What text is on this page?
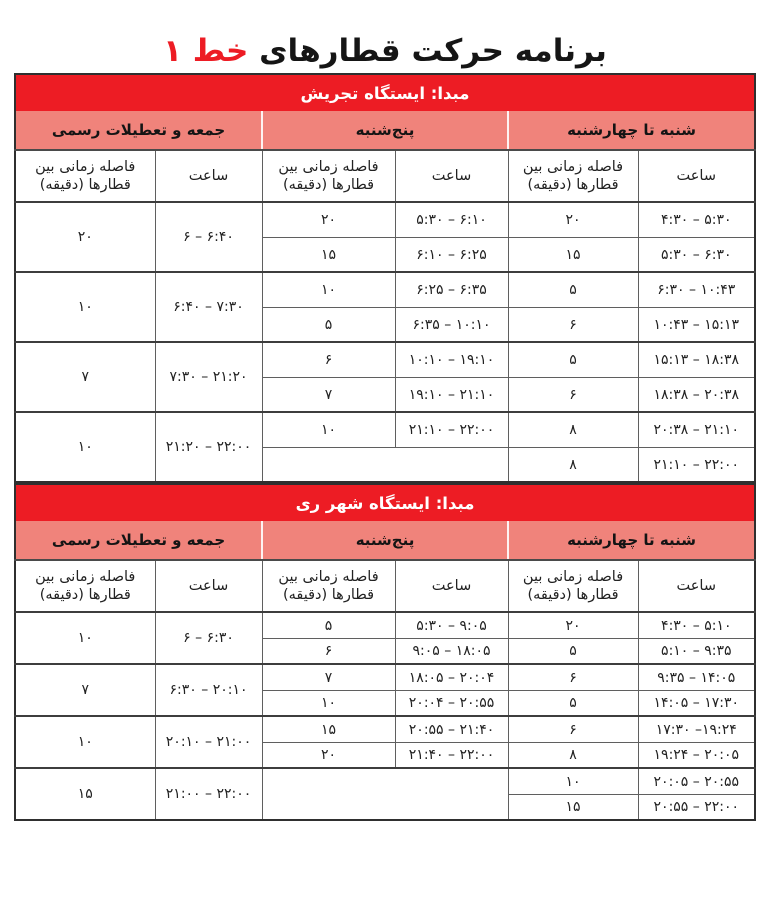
برنامه حرکت قطارهای خط ۱
مبدا: ایستگاه تجریش					
شنبه تا چهارشنبه		پنج‌شنبه		جمعه و تعطیلات رسمی	
ساعت	فاصله زمانی بین قطارها (دقیقه)	ساعت	فاصله زمانی بین قطارها (دقیقه)	ساعت	فاصله زمانی بین قطارها (دقیقه)
۴:۳۰ – ۵:۳۰	۲۰	۵:۳۰ – ۶:۱۰	۲۰	۶ – ۶:۴۰	۲۰
۵:۳۰ – ۶:۳۰	۱۵	۶:۱۰ – ۶:۲۵	۱۵		
۶:۳۰ – ۱۰:۴۳	۵	۶:۲۵ – ۶:۳۵	۱۰	۶:۴۰ – ۷:۳۰	۱۰
۱۰:۴۳ – ۱۵:۱۳	۶	۶:۳۵ – ۱۰:۱۰	۵		
۱۵:۱۳ – ۱۸:۳۸	۵	۱۰:۱۰ – ۱۹:۱۰	۶	۷:۳۰ – ۲۱:۲۰	۷
۱۸:۳۸ – ۲۰:۳۸	۶	۱۹:۱۰ – ۲۱:۱۰	۷		
۲۰:۳۸ – ۲۱:۱۰	۸	۲۱:۱۰ – ۲۲:۰۰	۱۰	۲۱:۲۰ – ۲۲:۰۰	۱۰
۲۱:۱۰ – ۲۲:۰۰	۸				
مبدا: ایستگاه شهر ری					
شنبه تا چهارشنبه		پنج‌شنبه		جمعه و تعطیلات رسمی	
ساعت	فاصله زمانی بین قطارها (دقیقه)	ساعت	فاصله زمانی بین قطارها (دقیقه)	ساعت	فاصله زمانی بین قطارها (دقیقه)
۴:۳۰ – ۵:۱۰	۲۰	۵:۳۰ – ۹:۰۵	۵	۶ – ۶:۳۰	۱۰
۵:۱۰ – ۹:۳۵	۵	۹:۰۵ – ۱۸:۰۵	۶		
۹:۳۵ – ۱۴:۰۵	۶	۱۸:۰۵ – ۲۰:۰۴	۷	۶:۳۰ – ۲۰:۱۰	۷
۱۴:۰۵ – ۱۷:۳۰	۵	۲۰:۰۴ – ۲۰:۵۵	۱۰		
۱۷:۳۰ –۱۹:۲۴	۶	۲۰:۵۵ – ۲۱:۴۰	۱۵	۲۰:۱۰ – ۲۱:۰۰	۱۰
۱۹:۲۴ – ۲۰:۰۵	۸	۲۱:۴۰ – ۲۲:۰۰	۲۰		
۲۰:۰۵ – ۲۰:۵۵	۱۰			۲۱:۰۰ – ۲۲:۰۰	۱۵
۲۰:۵۵ – ۲۲:۰۰	۱۵				
